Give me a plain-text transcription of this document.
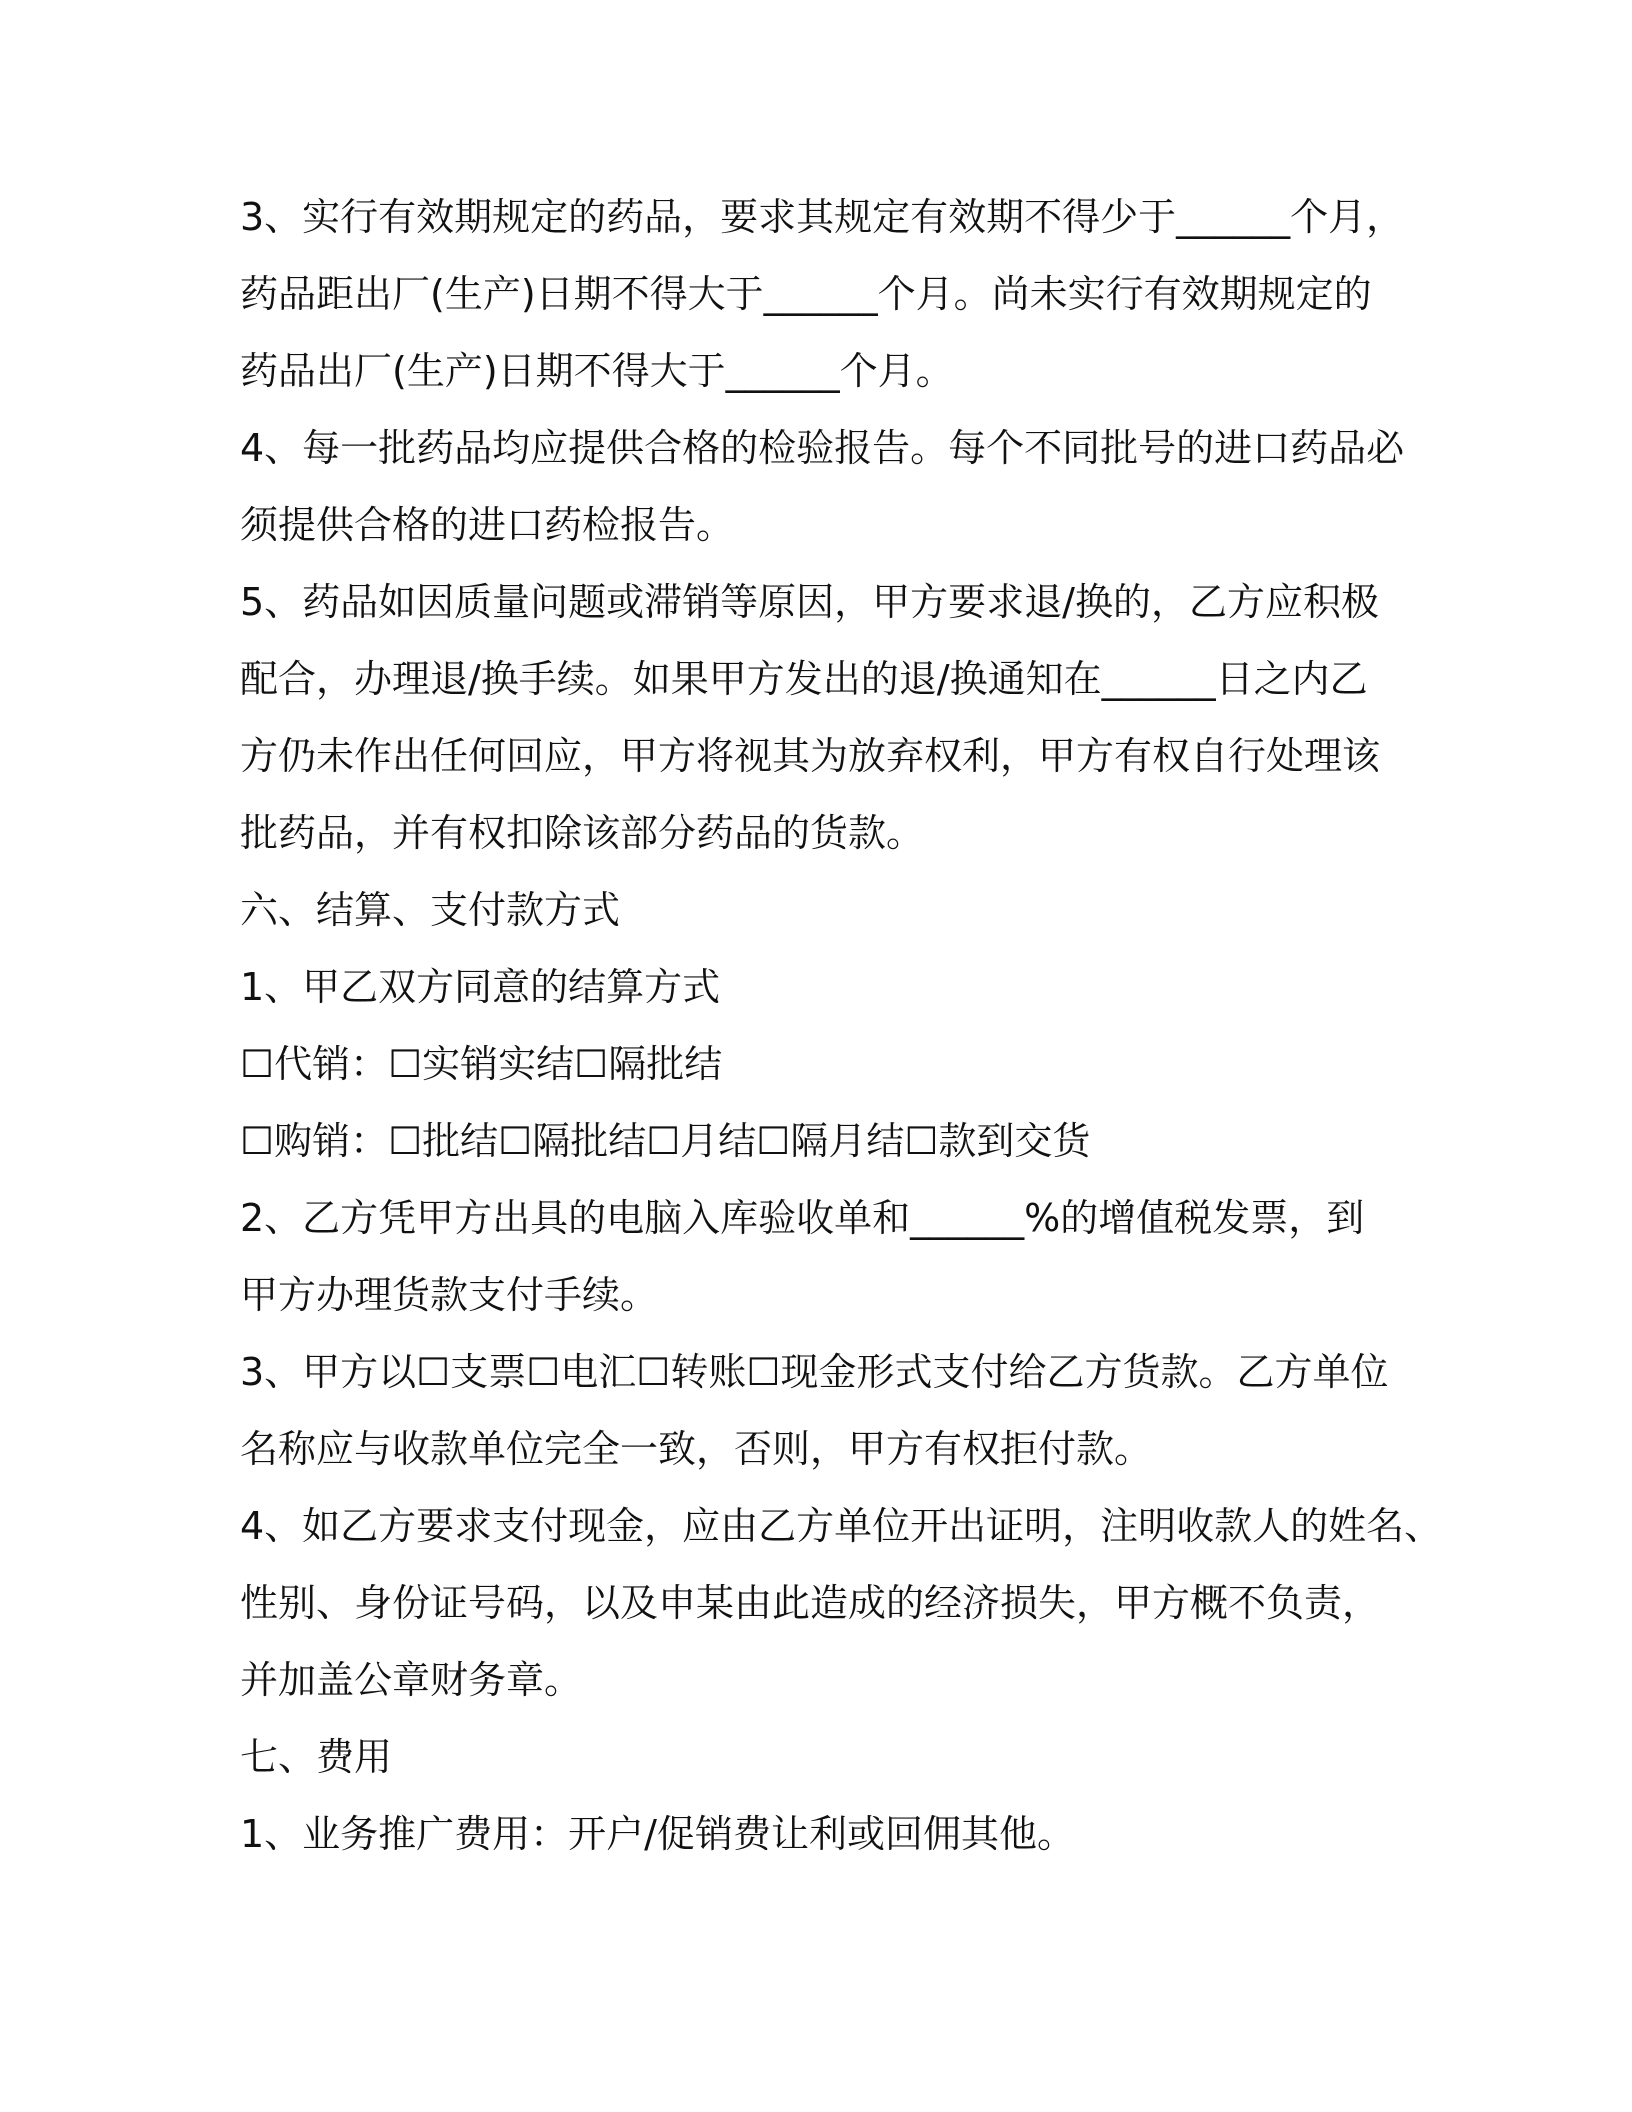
3、实行有效期规定的药品，要求其规定有效期不得少于______个月，
药品距出厂(生产)日期不得大于______个月。尚未实行有效期规定的
药品出厂(生产)日期不得大于______个月。
4、每一批药品均应提供合格的检验报告。每个不同批号的进口药品必
须提供合格的进口药检报告。
5、药品如因质量问题或滞销等原因，甲方要求退/换的，乙方应积极
配合，办理退/换手续。如果甲方发出的退/换通知在______日之内乙
方仍未作出任何回应，甲方将视其为放弃权利，甲方有权自行处理该
批药品，并有权扣除该部分药品的货款。
六、结算、支付款方式
1、甲乙双方同意的结算方式
☐代销：☐实销实结☐隔批结
☐购销：☐批结☐隔批结☐月结☐隔月结☐款到交货
2、乙方凭甲方出具的电脑入库验收单和______%的增值税发票，到
甲方办理货款支付手续。
3、甲方以☐支票☐电汇☐转账☐现金形式支付给乙方货款。乙方单位
名称应与收款单位完全一致，否则，甲方有权拒付款。
4、如乙方要求支付现金，应由乙方单位开出证明，注明收款人的姓名、
性别、身份证号码，以及申某由此造成的经济损失，甲方概不负责，
并加盖公章财务章。
七、费用
1、业务推广费用：开户/促销费让利或回佣其他。
